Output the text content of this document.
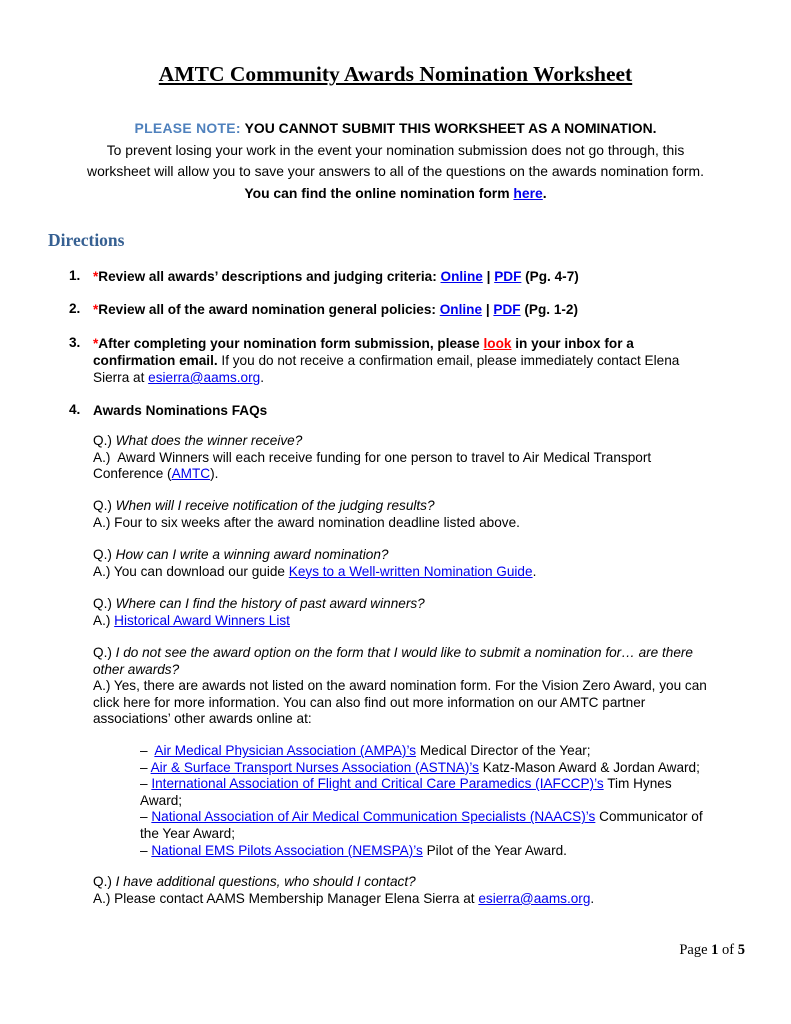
AMTC Community Awards Nomination Worksheet
PLEASE NOTE: YOU CANNOT SUBMIT THIS WORKSHEET AS A NOMINATION.
To prevent losing your work in the event your nomination submission does not go through, this
worksheet will allow you to save your answers to all of the questions on the awards nomination form.
You can find the online nomination form here.
Directions
1. *Review all awards’ descriptions and judging criteria: Online | PDF (Pg. 4-7)
2. *Review all of the award nomination general policies: Online | PDF (Pg. 1-2)
3. *After completing your nomination form submission, please look in your inbox for a
confirmation email. If you do not receive a confirmation email, please immediately contact Elena
Sierra at esierra@aams.org.
4. Awards Nominations FAQs
Q.) What does the winner receive?
A.) Award Winners will each receive funding for one person to travel to Air Medical Transport
Conference (AMTC).
Q.) When will I receive notification of the judging results?
A.) Four to six weeks after the award nomination deadline listed above.
Q.) How can I write a winning award nomination?
A.) You can download our guide Keys to a Well-written Nomination Guide.
Q.) Where can I find the history of past award winners?
A.) Historical Award Winners List
Q.) I do not see the award option on the form that I would like to submit a nomination for… are there
other awards?
A.) Yes, there are awards not listed on the award nomination form. For the Vision Zero Award, you can
click here for more information. You can also find out more information on our AMTC partner
associations’ other awards online at:
– Air Medical Physician Association (AMPA)’s Medical Director of the Year;
– Air & Surface Transport Nurses Association (ASTNA)’s Katz-Mason Award & Jordan Award;
– International Association of Flight and Critical Care Paramedics (IAFCCP)’s Tim Hynes
Award;
– National Association of Air Medical Communication Specialists (NAACS)’s Communicator of
the Year Award;
– National EMS Pilots Association (NEMSPA)’s Pilot of the Year Award.
Q.) I have additional questions, who should I contact?
A.) Please contact AAMS Membership Manager Elena Sierra at esierra@aams.org.
Page 1 of 5
